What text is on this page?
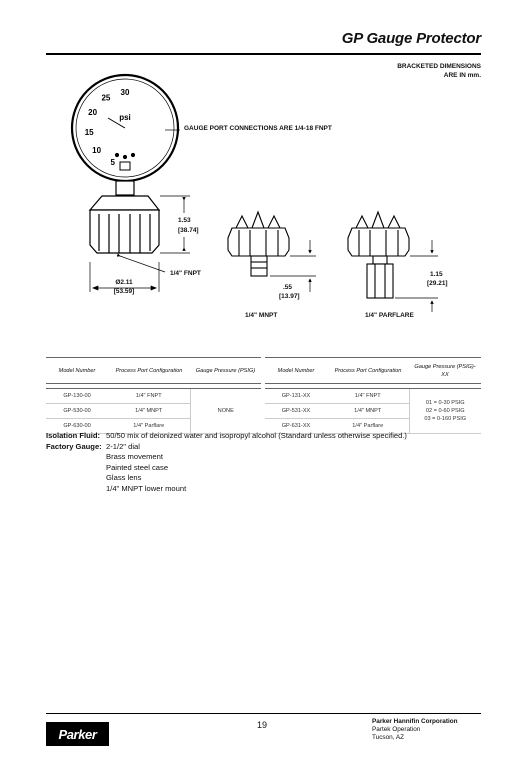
GP Gauge Protector
BRACKETED DIMENSIONS
ARE IN mm.
5
10
15
20
25
30
psi
GAUGE PORT CONNECTIONS ARE 1/4-18 FNPT
1.53
[38.74]
1/4" FNPT
Ø2.11
[53.59]
.55
[13.97]
1.15
[29.21]
1/4" MNPT	1/4" PARFLARE
Model Number	Process Port Configuration	Gauge Pressure (PSIG)

GP-130-00	1/4" FNPT	NONE
GP-530-00	1/4" MNPT	
GP-630-00	1/4" Parflare	
Model Number	Process Port Configuration	Gauge Pressure (PSIG)-XX

GP-131-XX	1/4" FNPT	01 = 0-30 PSIG
02 = 0-60 PSIG
03 = 0-160 PSIG

GP-531-XX	1/4" MNPT	
GP-631-XX	1/4" Parflare	
Isolation Fluid: 50/50 mix of deionized water and isopropyl alcohol (Standard unless otherwise specified.)
Factory Gauge: 2-1/2" dial
Brass movement
Painted steel case
Glass lens
1/4" MNPT lower mount
Parker
19	Parker Hannifin Corporation
Partek Operation
Tucson, AZ
